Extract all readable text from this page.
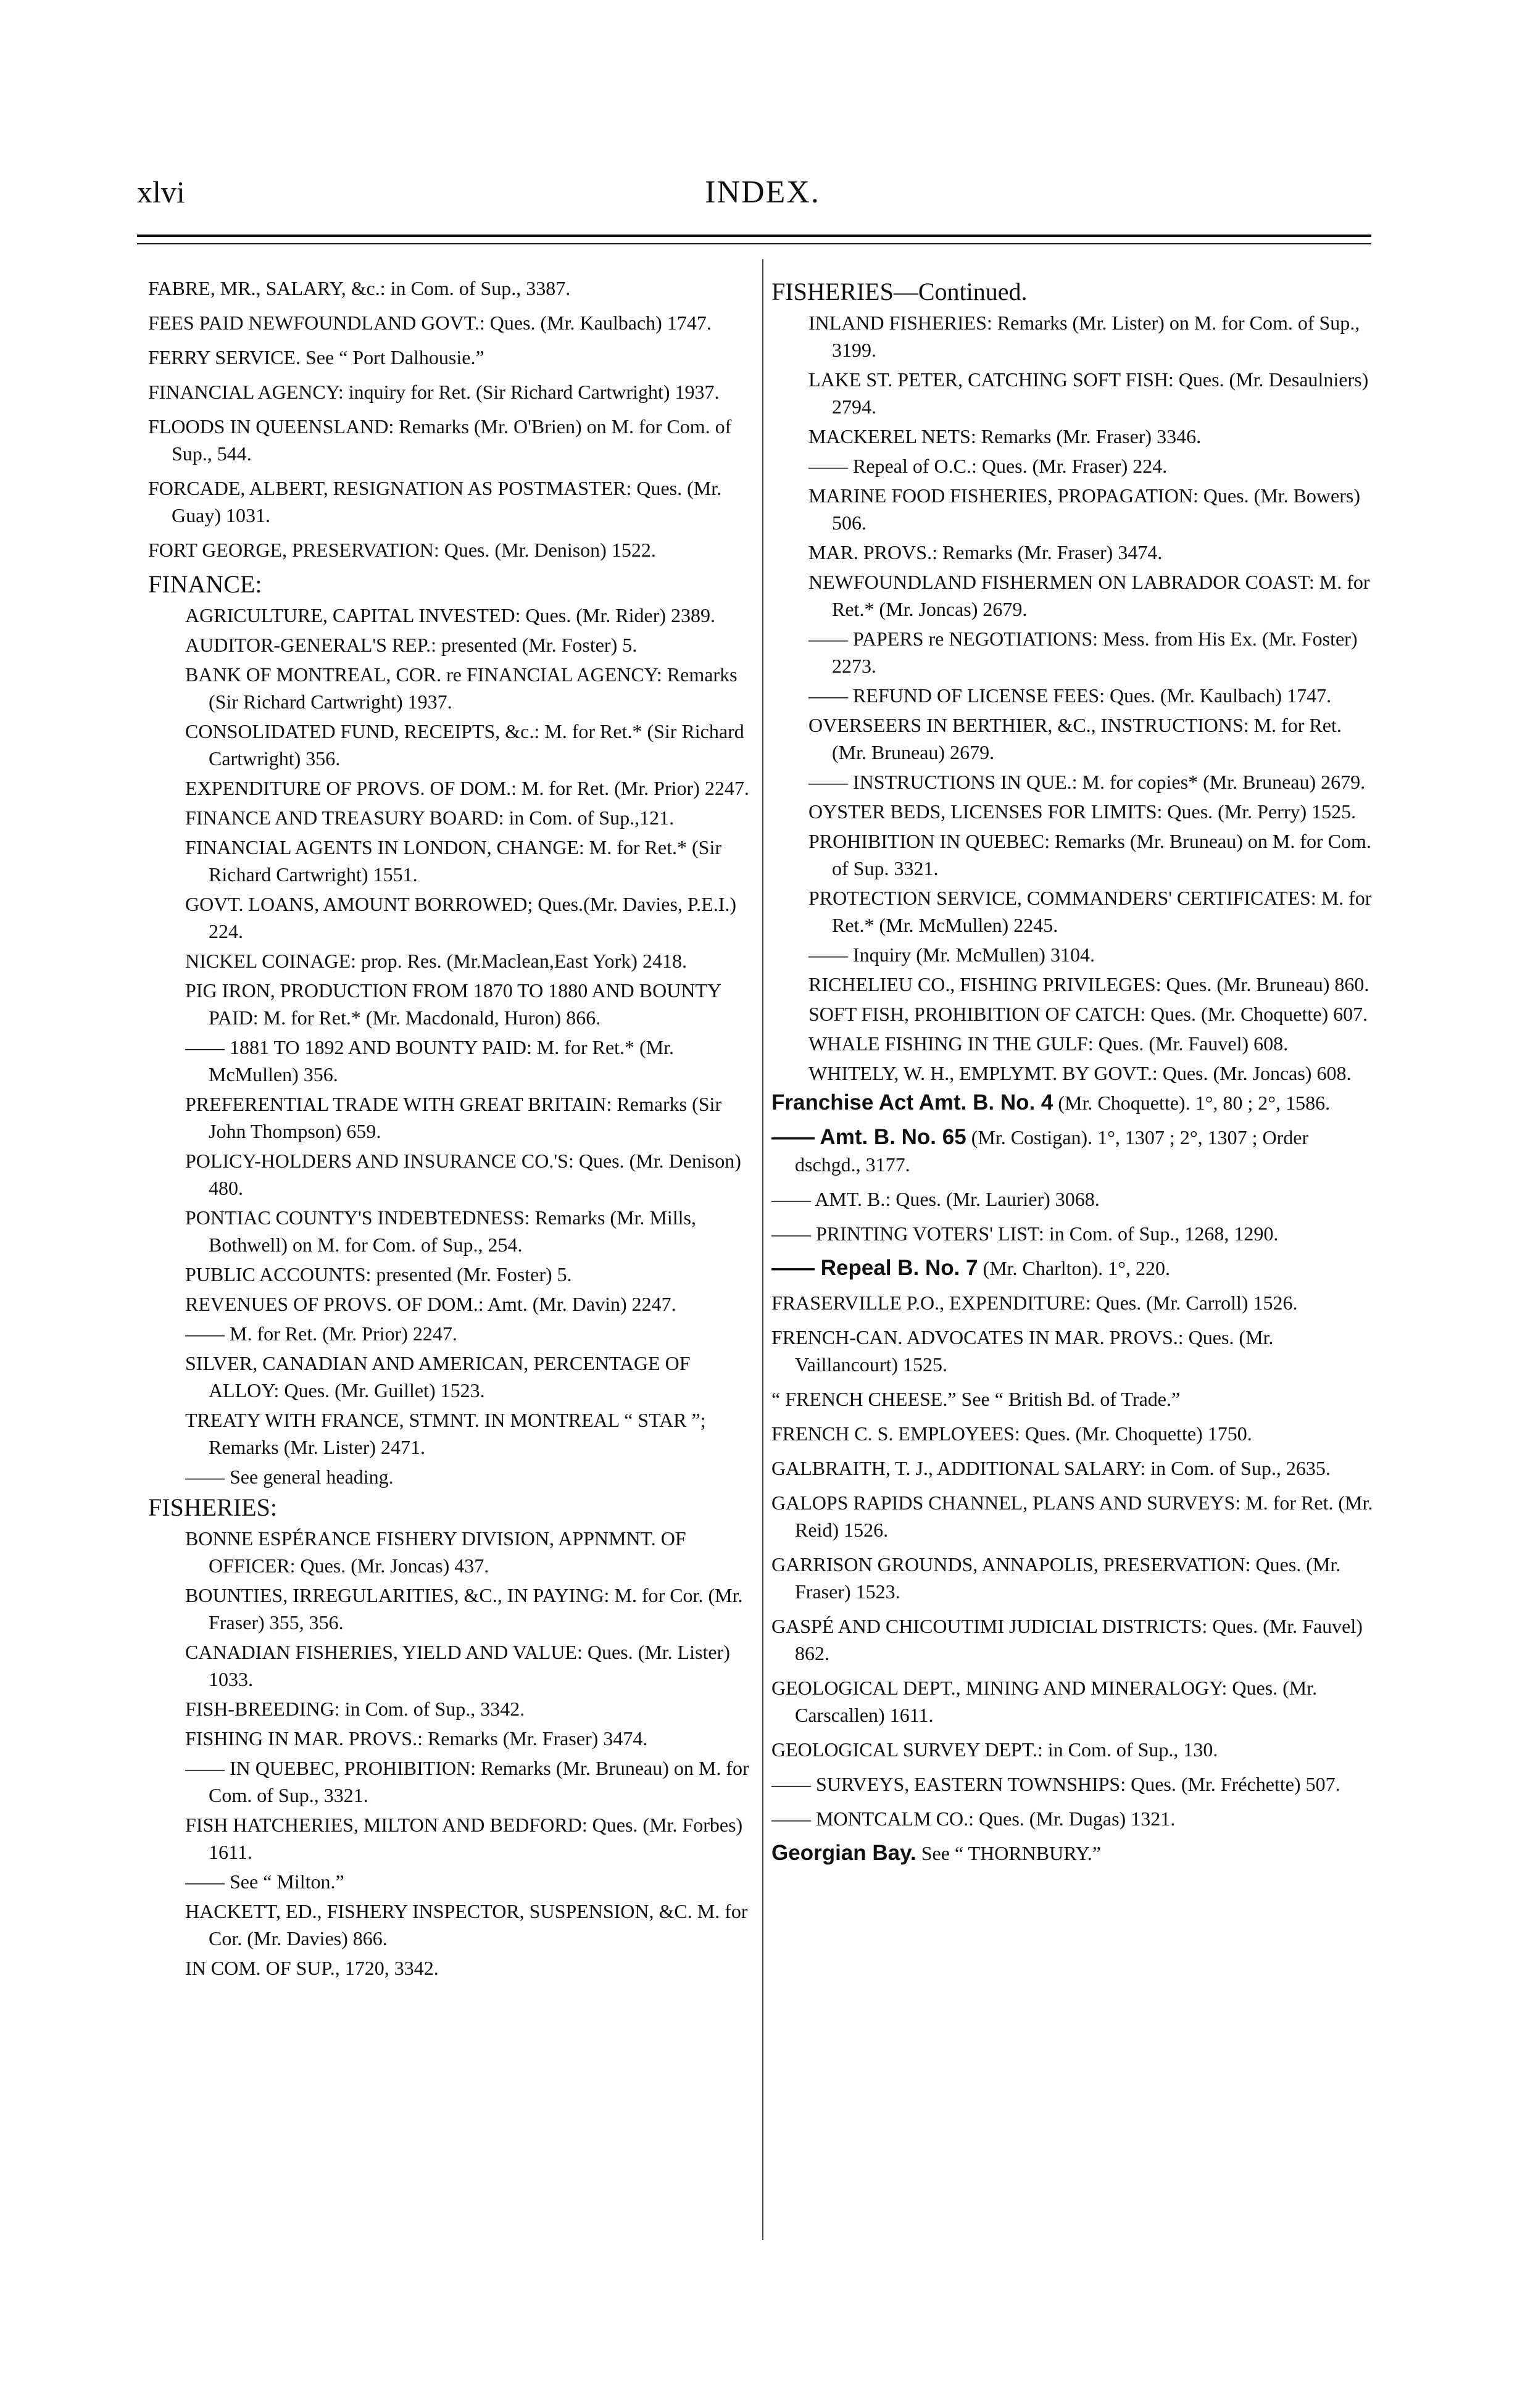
xlvi	INDEX.
FABRE, MR., SALARY, &c.: in Com. of Sup., 3387.
FEES PAID NEWFOUNDLAND GOVT.: Ques. (Mr. Kaulbach) 1747.
FERRY SERVICE. See “ Port Dalhousie.”
FINANCIAL AGENCY: inquiry for Ret. (Sir Richard Cartwright) 1937.
FLOODS IN QUEENSLAND: Remarks (Mr. O'Brien) on M. for Com. of Sup., 544.
FORCADE, ALBERT, RESIGNATION AS POSTMASTER: Ques. (Mr. Guay) 1031.
FORT GEORGE, PRESERVATION: Ques. (Mr. Denison) 1522.
FINANCE:
AGRICULTURE, CAPITAL INVESTED: Ques. (Mr. Rider) 2389.
AUDITOR-GENERAL'S REP.: presented (Mr. Foster) 5.
BANK OF MONTREAL, COR. re FINANCIAL AGENCY: Remarks (Sir Richard Cartwright) 1937.
CONSOLIDATED FUND, RECEIPTS, &c.: M. for Ret.* (Sir Richard Cartwright) 356.
EXPENDITURE OF PROVS. OF DOM.: M. for Ret. (Mr. Prior) 2247.
FINANCE AND TREASURY BOARD: in Com. of Sup.,121.
FINANCIAL AGENTS IN LONDON, CHANGE: M. for Ret.* (Sir Richard Cartwright) 1551.
GOVT. LOANS, AMOUNT BORROWED; Ques.(Mr. Davies, P.E.I.) 224.
NICKEL COINAGE: prop. Res. (Mr.Maclean,East York) 2418.
PIG IRON, PRODUCTION FROM 1870 TO 1880 AND BOUNTY PAID: M. for Ret.* (Mr. Macdonald, Huron) 866.
—— 1881 TO 1892 AND BOUNTY PAID: M. for Ret.* (Mr. McMullen) 356.
PREFERENTIAL TRADE WITH GREAT BRITAIN: Remarks (Sir John Thompson) 659.
POLICY-HOLDERS AND INSURANCE CO.'S: Ques. (Mr. Denison) 480.
PONTIAC COUNTY'S INDEBTEDNESS: Remarks (Mr. Mills, Bothwell) on M. for Com. of Sup., 254.
PUBLIC ACCOUNTS: presented (Mr. Foster) 5.
REVENUES OF PROVS. OF DOM.: Amt. (Mr. Davin) 2247.
—— M. for Ret. (Mr. Prior) 2247.
SILVER, CANADIAN AND AMERICAN, PERCENTAGE OF ALLOY: Ques. (Mr. Guillet) 1523.
TREATY WITH FRANCE, STMNT. IN MONTREAL “ STAR ”; Remarks (Mr. Lister) 2471.
—— See general heading.
FISHERIES:
BONNE ESPÉRANCE FISHERY DIVISION, APPNMNT. OF OFFICER: Ques. (Mr. Joncas) 437.
BOUNTIES, IRREGULARITIES, &C., IN PAYING: M. for Cor. (Mr. Fraser) 355, 356.
CANADIAN FISHERIES, YIELD AND VALUE: Ques. (Mr. Lister) 1033.
FISH-BREEDING: in Com. of Sup., 3342.
FISHING IN MAR. PROVS.: Remarks (Mr. Fraser) 3474.
—— IN QUEBEC, PROHIBITION: Remarks (Mr. Bruneau) on M. for Com. of Sup., 3321.
FISH HATCHERIES, MILTON AND BEDFORD: Ques. (Mr. Forbes) 1611.
—— See “ Milton.”
HACKETT, ED., FISHERY INSPECTOR, SUSPENSION, &C. M. for Cor. (Mr. Davies) 866.
IN COM. OF SUP., 1720, 3342.
FISHERIES—Continued.
INLAND FISHERIES: Remarks (Mr. Lister) on M. for Com. of Sup., 3199.
LAKE ST. PETER, CATCHING SOFT FISH: Ques. (Mr. Desaulniers) 2794.
MACKEREL NETS: Remarks (Mr. Fraser) 3346.
—— Repeal of O.C.: Ques. (Mr. Fraser) 224.
MARINE FOOD FISHERIES, PROPAGATION: Ques. (Mr. Bowers) 506.
MAR. PROVS.: Remarks (Mr. Fraser) 3474.
NEWFOUNDLAND FISHERMEN ON LABRADOR COAST: M. for Ret.* (Mr. Joncas) 2679.
—— PAPERS re NEGOTIATIONS: Mess. from His Ex. (Mr. Foster) 2273.
—— REFUND OF LICENSE FEES: Ques. (Mr. Kaulbach) 1747.
OVERSEERS IN BERTHIER, &C., INSTRUCTIONS: M. for Ret. (Mr. Bruneau) 2679.
—— INSTRUCTIONS IN QUE.: M. for copies* (Mr. Bruneau) 2679.
OYSTER BEDS, LICENSES FOR LIMITS: Ques. (Mr. Perry) 1525.
PROHIBITION IN QUEBEC: Remarks (Mr. Bruneau) on M. for Com. of Sup. 3321.
PROTECTION SERVICE, COMMANDERS' CERTIFICATES: M. for Ret.* (Mr. McMullen) 2245.
—— Inquiry (Mr. McMullen) 3104.
RICHELIEU CO., FISHING PRIVILEGES: Ques. (Mr. Bruneau) 860.
SOFT FISH, PROHIBITION OF CATCH: Ques. (Mr. Choquette) 607.
WHALE FISHING IN THE GULF: Ques. (Mr. Fauvel) 608.
WHITELY, W. H., EMPLYMT. BY GOVT.: Ques. (Mr. Joncas) 608.
Franchise Act Amt. B. No. 4 (Mr. Choquette). 1°, 80 ; 2°, 1586.
—— Amt. B. No. 65 (Mr. Costigan). 1°, 1307 ; 2°, 1307 ; Order dschgd., 3177.
—— AMT. B.: Ques. (Mr. Laurier) 3068.
—— PRINTING VOTERS' LIST: in Com. of Sup., 1268, 1290.
—— Repeal B. No. 7 (Mr. Charlton). 1°, 220.
FRASERVILLE P.O., EXPENDITURE: Ques. (Mr. Carroll) 1526.
FRENCH-CAN. ADVOCATES IN MAR. PROVS.: Ques. (Mr. Vaillancourt) 1525.
“ FRENCH CHEESE.” See “ British Bd. of Trade.”
FRENCH C. S. EMPLOYEES: Ques. (Mr. Choquette) 1750.
GALBRAITH, T. J., ADDITIONAL SALARY: in Com. of Sup., 2635.
GALOPS RAPIDS CHANNEL, PLANS AND SURVEYS: M. for Ret. (Mr. Reid) 1526.
GARRISON GROUNDS, ANNAPOLIS, PRESERVATION: Ques. (Mr. Fraser) 1523.
GASPÉ AND CHICOUTIMI JUDICIAL DISTRICTS: Ques. (Mr. Fauvel) 862.
GEOLOGICAL DEPT., MINING AND MINERALOGY: Ques. (Mr. Carscallen) 1611.
GEOLOGICAL SURVEY DEPT.: in Com. of Sup., 130.
—— SURVEYS, EASTERN TOWNSHIPS: Ques. (Mr. Fréchette) 507.
—— MONTCALM CO.: Ques. (Mr. Dugas) 1321.
Georgian Bay. See “ THORNBURY.”
